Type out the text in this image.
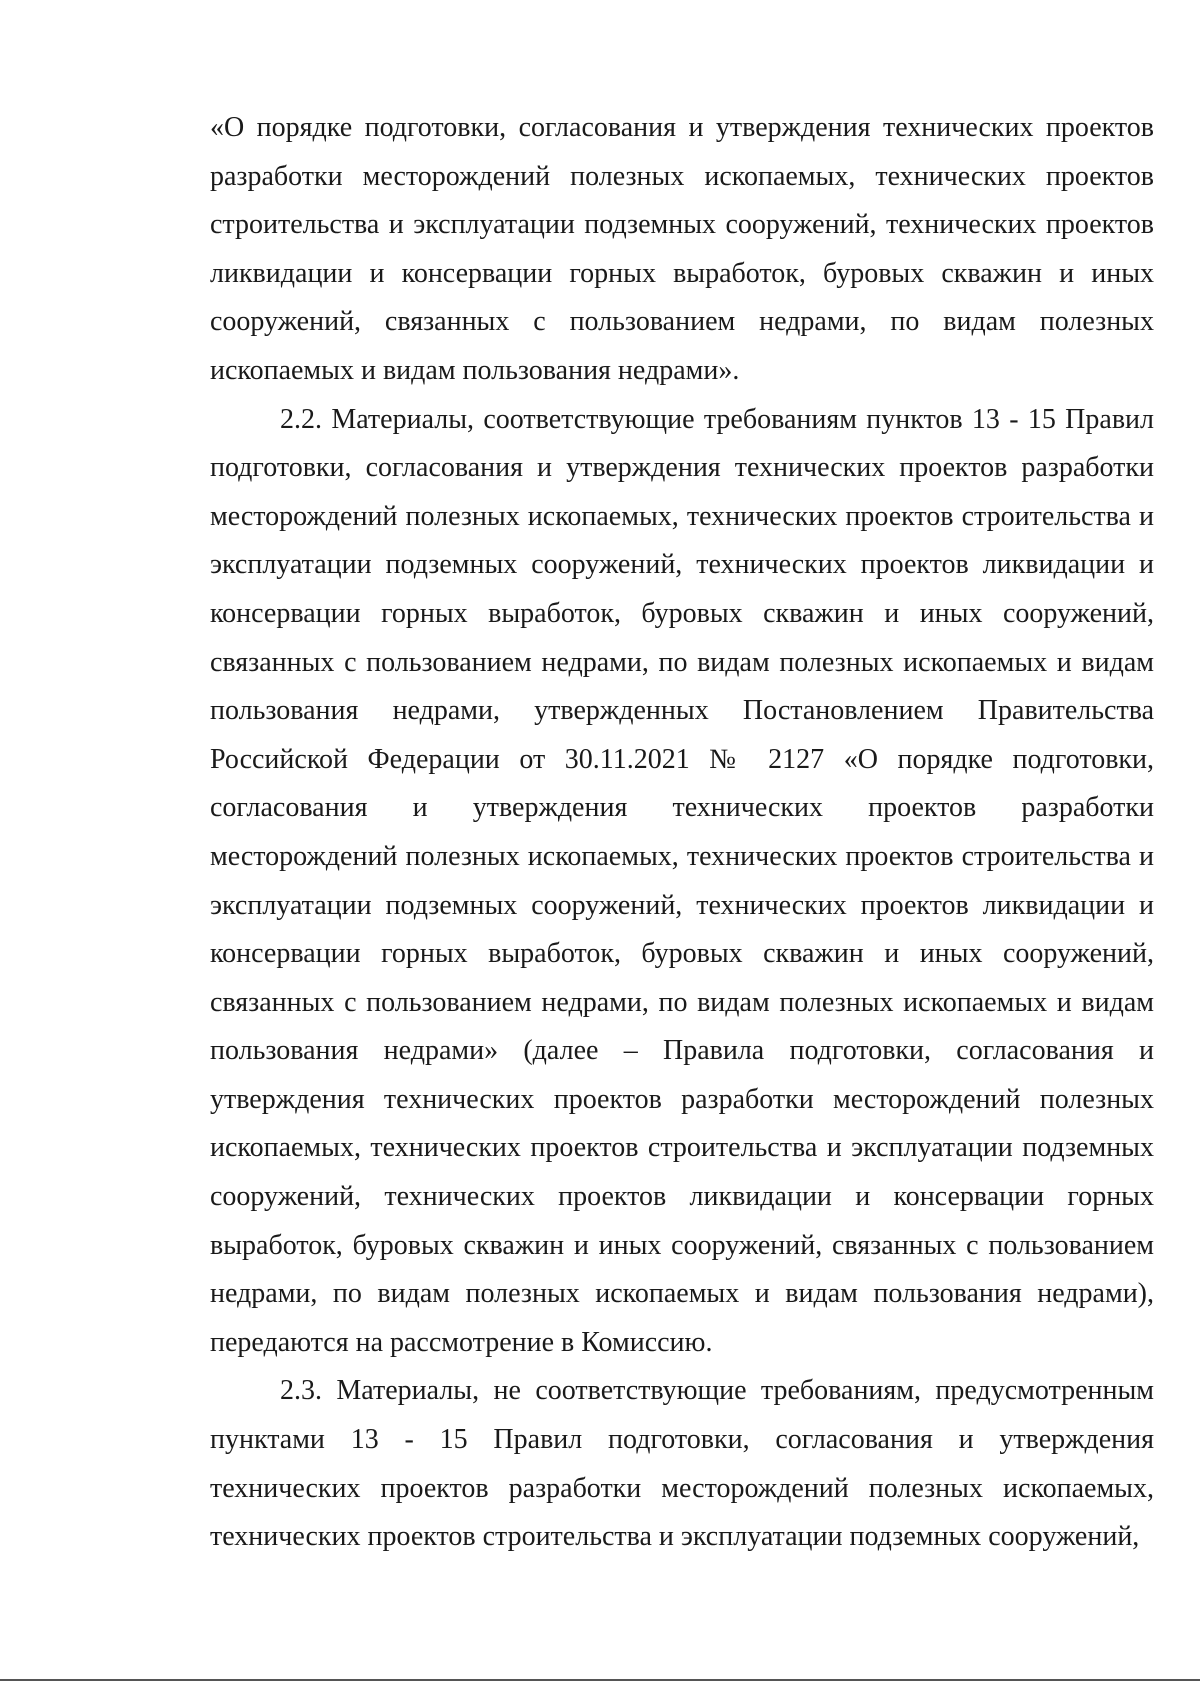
«О порядке подготовки, согласования и утверждения технических проектов разработки месторождений полезных ископаемых, технических проектов строительства и эксплуатации подземных сооружений, технических проектов ликвидации и консервации горных выработок, буровых скважин и иных сооружений, связанных с пользованием недрами, по видам полезных ископаемых и видам пользования недрами».

2.2. Материалы, соответствующие требованиям пунктов 13 - 15 Правил подготовки, согласования и утверждения технических проектов разработки месторождений полезных ископаемых, технических проектов строительства и эксплуатации подземных сооружений, технических проектов ликвидации и консервации горных выработок, буровых скважин и иных сооружений, связанных с пользованием недрами, по видам полезных ископаемых и видам пользования недрами, утвержденных Постановлением Правительства Российской Федерации от 30.11.2021 № 2127 «О порядке подготовки, согласования и утверждения технических проектов разработки месторождений полезных ископаемых, технических проектов строительства и эксплуатации подземных сооружений, технических проектов ликвидации и консервации горных выработок, буровых скважин и иных сооружений, связанных с пользованием недрами, по видам полезных ископаемых и видам пользования недрами» (далее – Правила подготовки, согласования и утверждения технических проектов разработки месторождений полезных ископаемых, технических проектов строительства и эксплуатации подземных сооружений, технических проектов ликвидации и консервации горных выработок, буровых скважин и иных сооружений, связанных с пользованием недрами, по видам полезных ископаемых и видам пользования недрами), передаются на рассмотрение в Комиссию.

2.3. Материалы, не соответствующие требованиям, предусмотренным пунктами 13 - 15 Правил подготовки, согласования и утверждения технических проектов разработки месторождений полезных ископаемых, технических проектов строительства и эксплуатации подземных сооружений,
